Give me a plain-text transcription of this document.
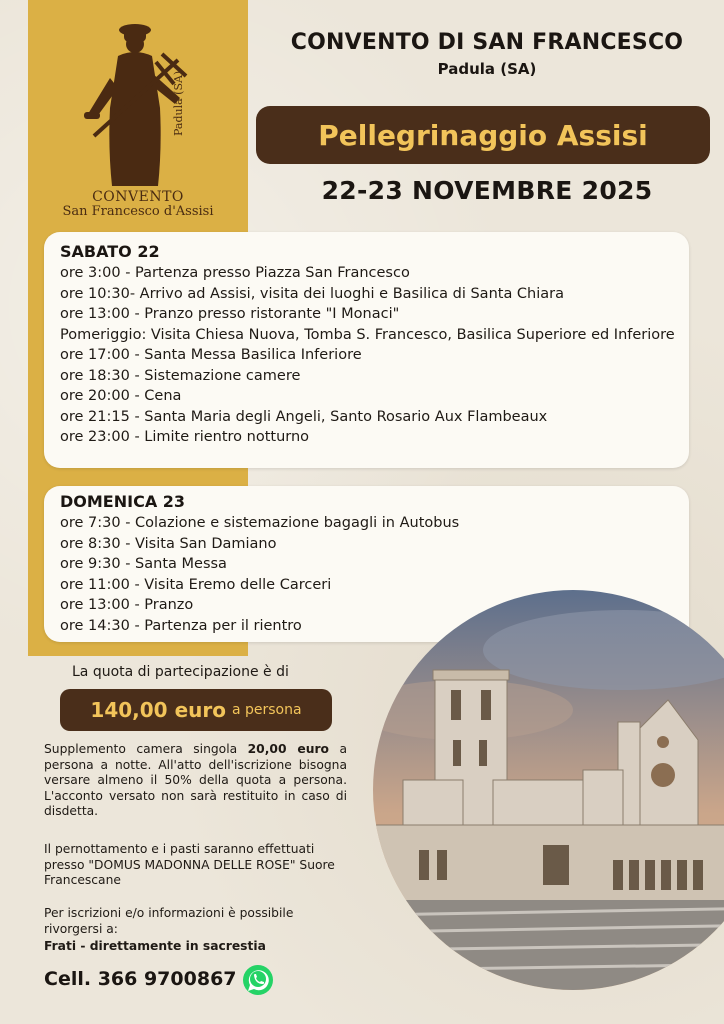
Padula (SA)
CONVENTO
San Francesco d'Assisi
CONVENTO DI SAN FRANCESCO
Padula (SA)
Pellegrinaggio Assisi
22-23 NOVEMBRE 2025
SABATO 22
ore 3:00 - Partenza presso Piazza San Francesco
ore 10:30- Arrivo ad Assisi, visita dei luoghi e Basilica di Santa Chiara
ore 13:00 - Pranzo presso ristorante "I Monaci"
Pomeriggio: Visita Chiesa Nuova, Tomba S. Francesco, Basilica Superiore ed Inferiore
ore 17:00 - Santa Messa Basilica Inferiore
ore 18:30 - Sistemazione camere
ore 20:00 - Cena
ore 21:15 - Santa Maria degli Angeli, Santo Rosario Aux Flambeaux
ore 23:00 - Limite rientro notturno
DOMENICA 23
ore 7:30 - Colazione e sistemazione bagagli in Autobus
ore 8:30 - Visita San Damiano
ore 9:30 - Santa Messa
ore 11:00 - Visita Eremo delle Carceri
ore 13:00 - Pranzo
ore 14:30 - Partenza per il rientro
La quota di partecipazione è di
140,00 euro a persona
Supplemento camera singola 20,00 euro a persona a notte. All'atto dell'iscrizione bisogna versare almeno il 50% della quota a persona. L'acconto versato non sarà restituito in caso di disdetta.
Il pernottamento e i pasti saranno effettuati presso "DOMUS MADONNA DELLE ROSE" Suore Francescane
Per iscrizioni e/o informazioni è possibile rivorgersi a:
Frati - direttamente in sacrestia
Cell. 366 9700867
